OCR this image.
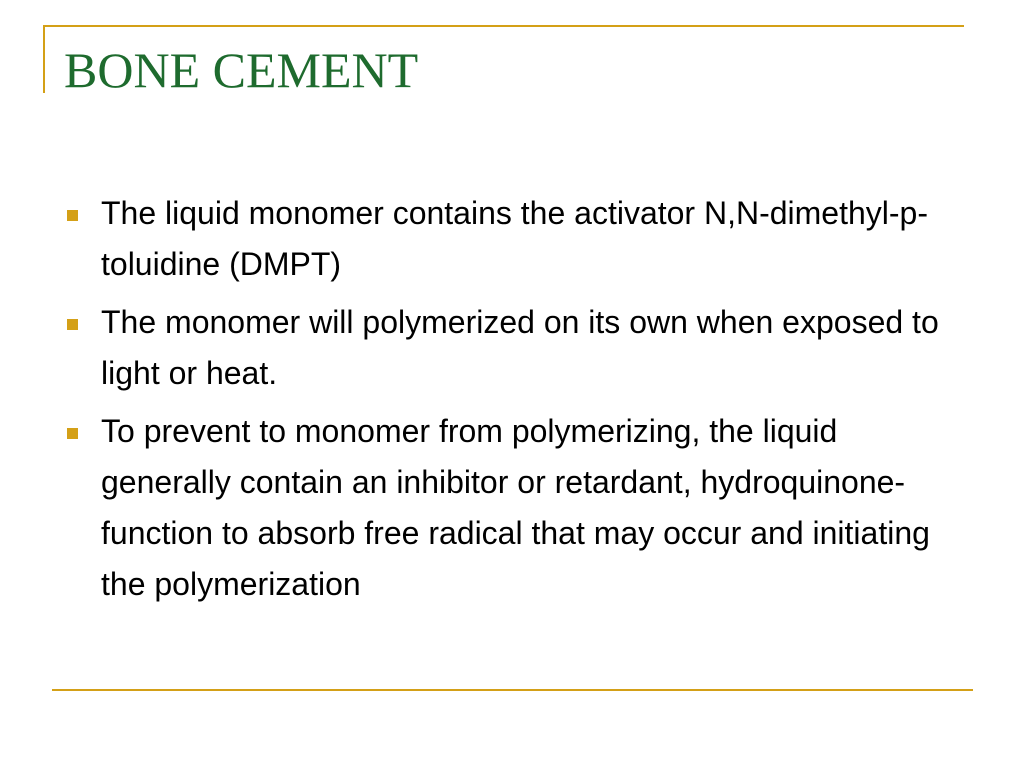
BONE CEMENT
The liquid monomer contains the activator N,N-dimethyl-p-toluidine (DMPT)
The monomer will polymerized on its own when exposed to light or heat.
To prevent to monomer from polymerizing, the liquid generally contain an inhibitor or retardant, hydroquinone- function to absorb free radical that may occur and initiating the polymerization
